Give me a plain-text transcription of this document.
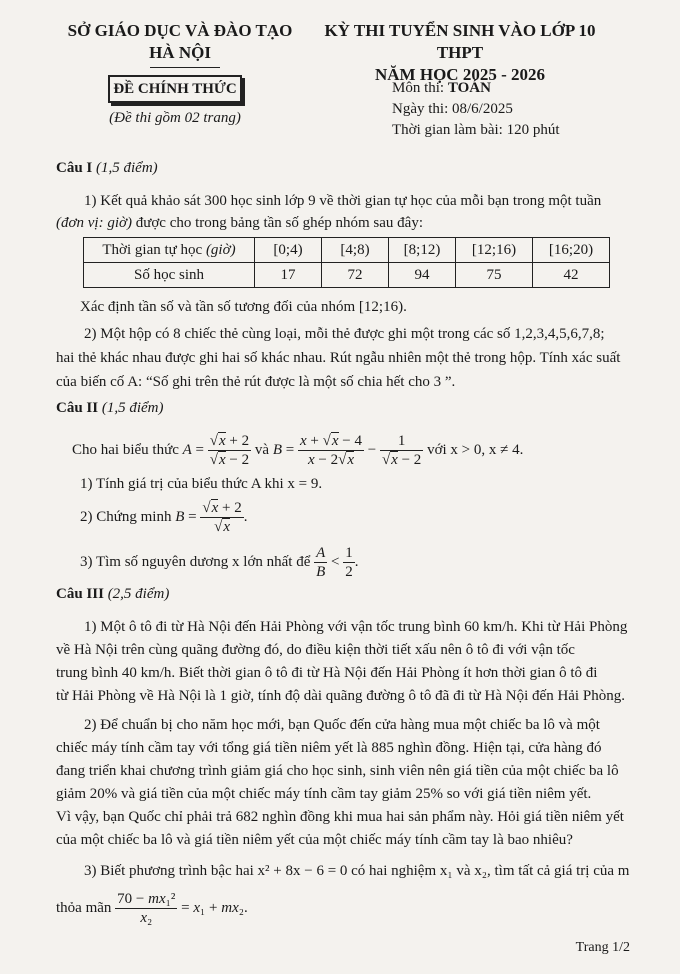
SỞ GIÁO DỤC VÀ ĐÀO TẠO
HÀ NỘI
KỲ THI TUYỂN SINH VÀO LỚP 10 THPT
NĂM HỌC 2025 - 2026
ĐỀ CHÍNH THỨC
(Đề thi gồm 02 trang)
Môn thi: TOÁN
Ngày thi: 08/6/2025
Thời gian làm bài: 120 phút
Câu I (1,5 điểm)
1) Kết quả khảo sát 300 học sinh lớp 9 về thời gian tự học của mỗi bạn trong một tuần
(đơn vị: giờ) được cho trong bảng tần số ghép nhóm sau đây:
Thời gian tự học (giờ)	[0;4)	[4;8)	[8;12)	[12;16)	[16;20)
Số học sinh	17	72	94	75	42
Xác định tần số và tần số tương đối của nhóm [12;16).
2) Một hộp có 8 chiếc thẻ cùng loại, mỗi thẻ được ghi một trong các số 1,2,3,4,5,6,7,8;
hai thẻ khác nhau được ghi hai số khác nhau. Rút ngẫu nhiên một thẻ trong hộp. Tính xác suất
của biến cố A: “Số ghi trên thẻ rút được là một số chia hết cho 3 ”.
Câu II (1,5 điểm)
Cho hai biểu thức $A = \frac{√x + 2}{√x - 2}$ và $B = \frac{x + √x - 4}{x - 2√x} - \frac{1}{√x - 2}$ với x > 0, x ≠ 4.
1) Tính giá trị của biểu thức A khi x = 9.
2) Chứng minh $B = \frac{√x + 2}{√x}$ .
3) Tìm số nguyên dương x lớn nhất để $\frac{A}{B} < \frac{1}{2}$ .
Câu III (2,5 điểm)
1) Một ô tô đi từ Hà Nội đến Hải Phòng với vận tốc trung bình 60 km/h. Khi từ Hải Phòng
về Hà Nội trên cùng quãng đường đó, do điều kiện thời tiết xấu nên ô tô đi với vận tốc
trung bình 40 km/h. Biết thời gian ô tô đi từ Hà Nội đến Hải Phòng ít hơn thời gian ô tô đi
từ Hải Phòng về Hà Nội là 1 giờ, tính độ dài quãng đường ô tô đã đi từ Hà Nội đến Hải Phòng.
2) Để chuẩn bị cho năm học mới, bạn Quốc đến cửa hàng mua một chiếc ba lô và một
chiếc máy tính cầm tay với tổng giá tiền niêm yết là 885 nghìn đồng. Hiện tại, cửa hàng đó
đang triển khai chương trình giảm giá cho học sinh, sinh viên nên giá tiền của một chiếc ba lô
giảm 20% và giá tiền của một chiếc máy tính cầm tay giảm 25% so với giá tiền niêm yết.
Vì vậy, bạn Quốc chỉ phải trả 682 nghìn đồng khi mua hai sản phẩm này. Hỏi giá tiền niêm yết
của một chiếc ba lô và giá tiền niêm yết của một chiếc máy tính cầm tay là bao nhiêu?
3) Biết phương trình bậc hai x² + 8x − 6 = 0 có hai nghiệm x₁ và x₂, tìm tất cả giá trị của m
thỏa mãn $\frac{\text{70 − mx₁²}}{\text{x₂}} = x_1 + mx_2$.
Trang 1/2
